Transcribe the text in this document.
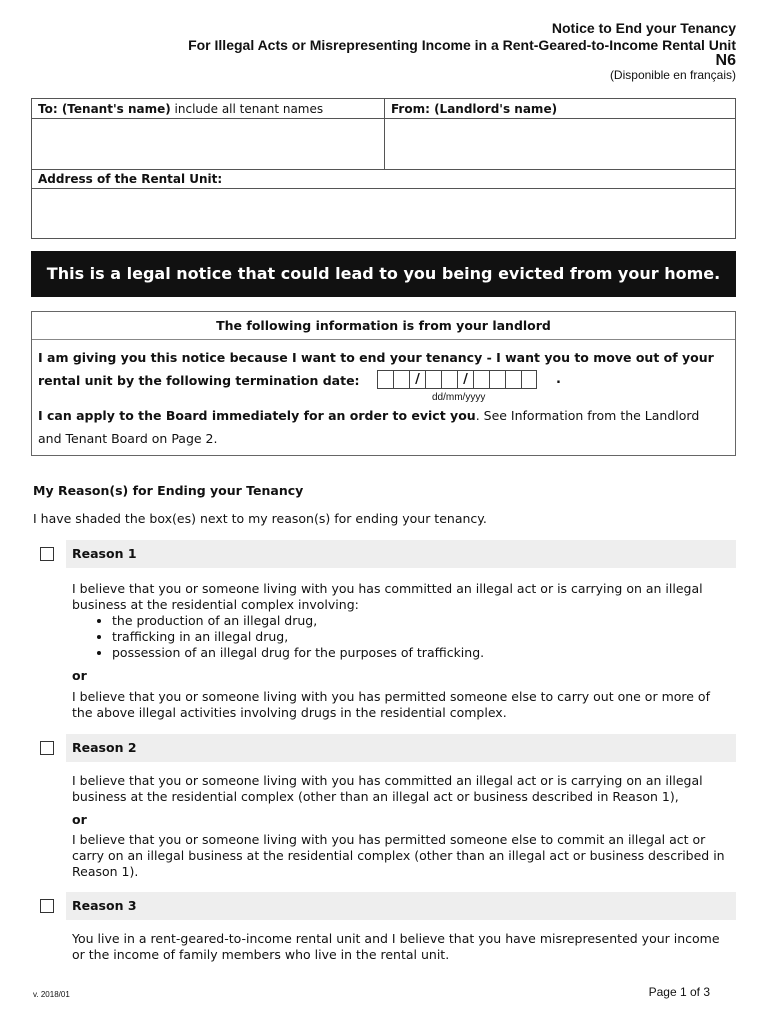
Notice to End your Tenancy
For Illegal Acts or Misrepresenting Income in a Rent-Geared-to-Income Rental Unit
N6
(Disponible en français)
To: (Tenant's name) include all tenant names	From: (Landlord's name)
Address of the Rental Unit:
This is a legal notice that could lead to you being evicted from your home.
The following information is from your landlord
I am giving you this notice because I want to end your tenancy - I want you to move out of your
rental unit by the following termination date:	/	/	.
dd/mm/yyyy
I can apply to the Board immediately for an order to evict you. See Information from the Landlord
and Tenant Board on Page 2.
My Reason(s) for Ending your Tenancy
I have shaded the box(es) next to my reason(s) for ending your tenancy.
Reason 1
I believe that you or someone living with you has committed an illegal act or is carrying on an illegal business at the residential complex involving:
• the production of an illegal drug,
• trafficking in an illegal drug,
• possession of an illegal drug for the purposes of trafficking.
or
I believe that you or someone living with you has permitted someone else to carry out one or more of the above illegal activities involving drugs in the residential complex.
Reason 2
I believe that you or someone living with you has committed an illegal act or is carrying on an illegal business at the residential complex (other than an illegal act or business described in Reason 1),
or
I believe that you or someone living with you has permitted someone else to commit an illegal act or carry on an illegal business at the residential complex (other than an illegal act or business described in Reason 1).
Reason 3
You live in a rent-geared-to-income rental unit and I believe that you have misrepresented your income or the income of family members who live in the rental unit.
v. 2018/01	Page 1 of 3
